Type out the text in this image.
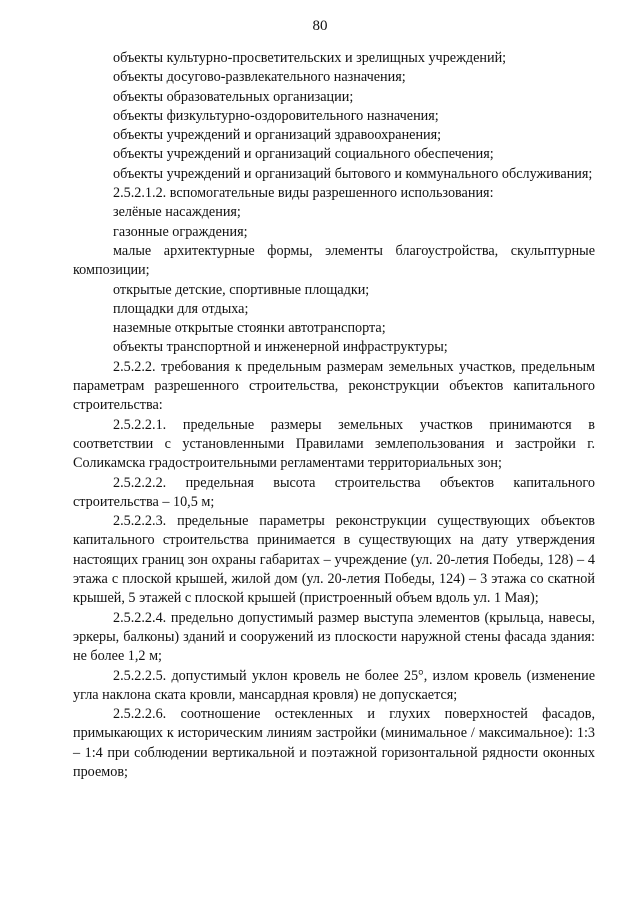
80

объекты культурно-просветительских и зрелищных учреждений;

объекты досугово-развлекательного назначения;

объекты образовательных организации;

объекты физкультурно-оздоровительного назначения;

объекты учреждений и организаций здравоохранения;

объекты учреждений и организаций социального обеспечения;

объекты учреждений и организаций бытового и коммунального обслуживания;

2.5.2.1.2. вспомогательные виды разрешенного использования:

зелёные насаждения;

газонные ограждения;

малые архитектурные формы, элементы благоустройства, скульптурные композиции;

открытые детские, спортивные площадки;

площадки для отдыха;

наземные открытые стоянки автотранспорта;

объекты транспортной и инженерной инфраструктуры;

2.5.2.2. требования к предельным размерам земельных участков, предельным параметрам разрешенного строительства, реконструкции объектов капитального строительства:

2.5.2.2.1. предельные размеры земельных участков принимаются в соответствии с установленными Правилами землепользования и застройки г. Соликамска градостроительными регламентами территориальных зон;

2.5.2.2.2. предельная высота строительства объектов капитального строительства – 10,5 м;

2.5.2.2.3. предельные параметры реконструкции существующих объектов капитального строительства принимается в существующих на дату утверждения настоящих границ зон охраны габаритах – учреждение (ул. 20-летия Победы, 128) – 4 этажа с плоской крышей, жилой дом (ул. 20-летия Победы, 124) – 3 этажа со скатной крышей, 5 этажей с плоской крышей (пристроенный объем вдоль ул. 1 Мая);

2.5.2.2.4. предельно допустимый размер выступа элементов (крыльца, навесы, эркеры, балконы) зданий и сооружений из плоскости наружной стены фасада здания: не более 1,2 м;

2.5.2.2.5. допустимый уклон кровель не более 25°, излом кровель (изменение угла наклона ската кровли, мансардная кровля) не допускается;

2.5.2.2.6. соотношение остекленных и глухих поверхностей фасадов, примыкающих к историческим линиям застройки (минимальное / максимальное): 1:3 – 1:4 при соблюдении вертикальной и поэтажной горизонтальной рядности оконных проемов;
